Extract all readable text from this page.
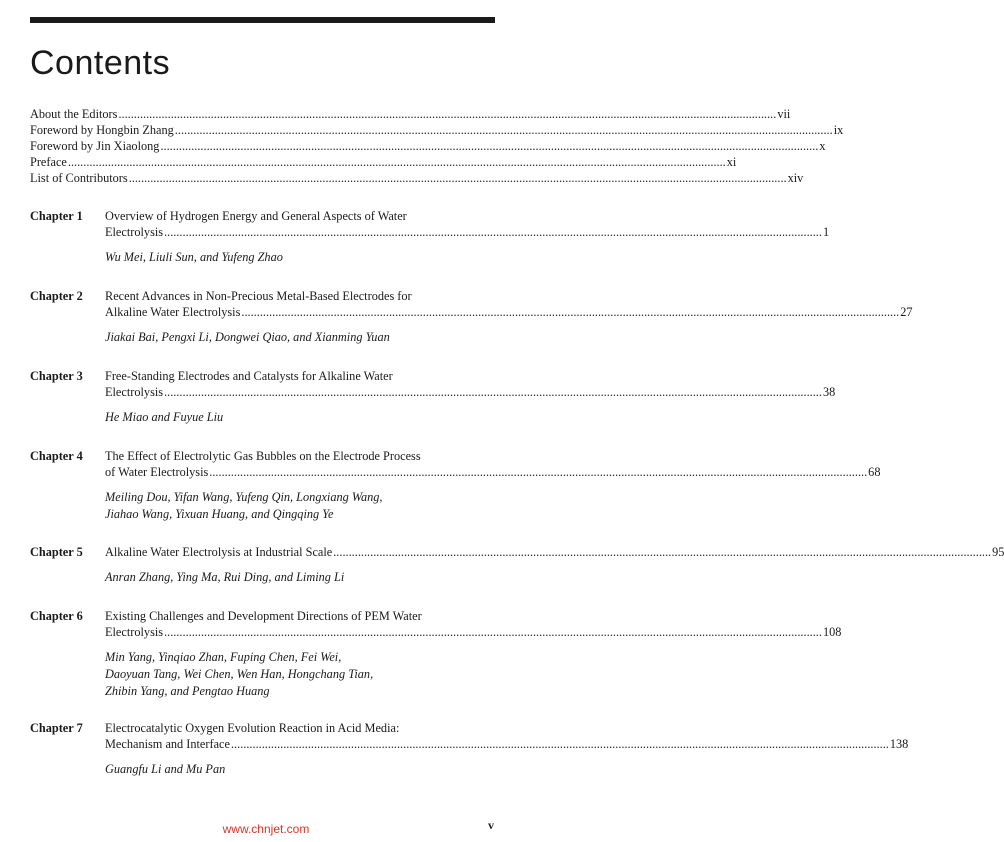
Contents
About the Editors .....	vii
Foreword by Hongbin Zhang .....	ix
Foreword by Jin Xiaolong .....	x
Preface .....	xi
List of Contributors .....	xiv
Chapter 1	Overview of Hydrogen Energy and General Aspects of Water
Electrolysis .....	1
Wu Mei, Liuli Sun, and Yufeng Zhao
Chapter 2	Recent Advances in Non-Precious Metal-Based Electrodes for
Alkaline Water Electrolysis .....	27
Jiakai Bai, Pengxi Li, Dongwei Qiao, and Xianming Yuan
Chapter 3	Free-Standing Electrodes and Catalysts for Alkaline Water
Electrolysis .....	38
He Miao and Fuyue Liu
Chapter 4	The Effect of Electrolytic Gas Bubbles on the Electrode Process
of Water Electrolysis .....	68
Meiling Dou, Yifan Wang, Yufeng Qin, Longxiang Wang,
Jiahao Wang, Yixuan Huang, and Qingqing Ye
Chapter 5	Alkaline Water Electrolysis at Industrial Scale .....	95
Anran Zhang, Ying Ma, Rui Ding, and Liming Li
Chapter 6	Existing Challenges and Development Directions of PEM Water
Electrolysis .....	108
Min Yang, Yinqiao Zhan, Fuping Chen, Fei Wei,
Daoyuan Tang, Wei Chen, Wen Han, Hongchang Tian,
Zhibin Yang, and Pengtao Huang
Chapter 7	Electrocatalytic Oxygen Evolution Reaction in Acid Media:
Mechanism and Interface .....	138
Guangfu Li and Mu Pan
www.chnjet.com	v
